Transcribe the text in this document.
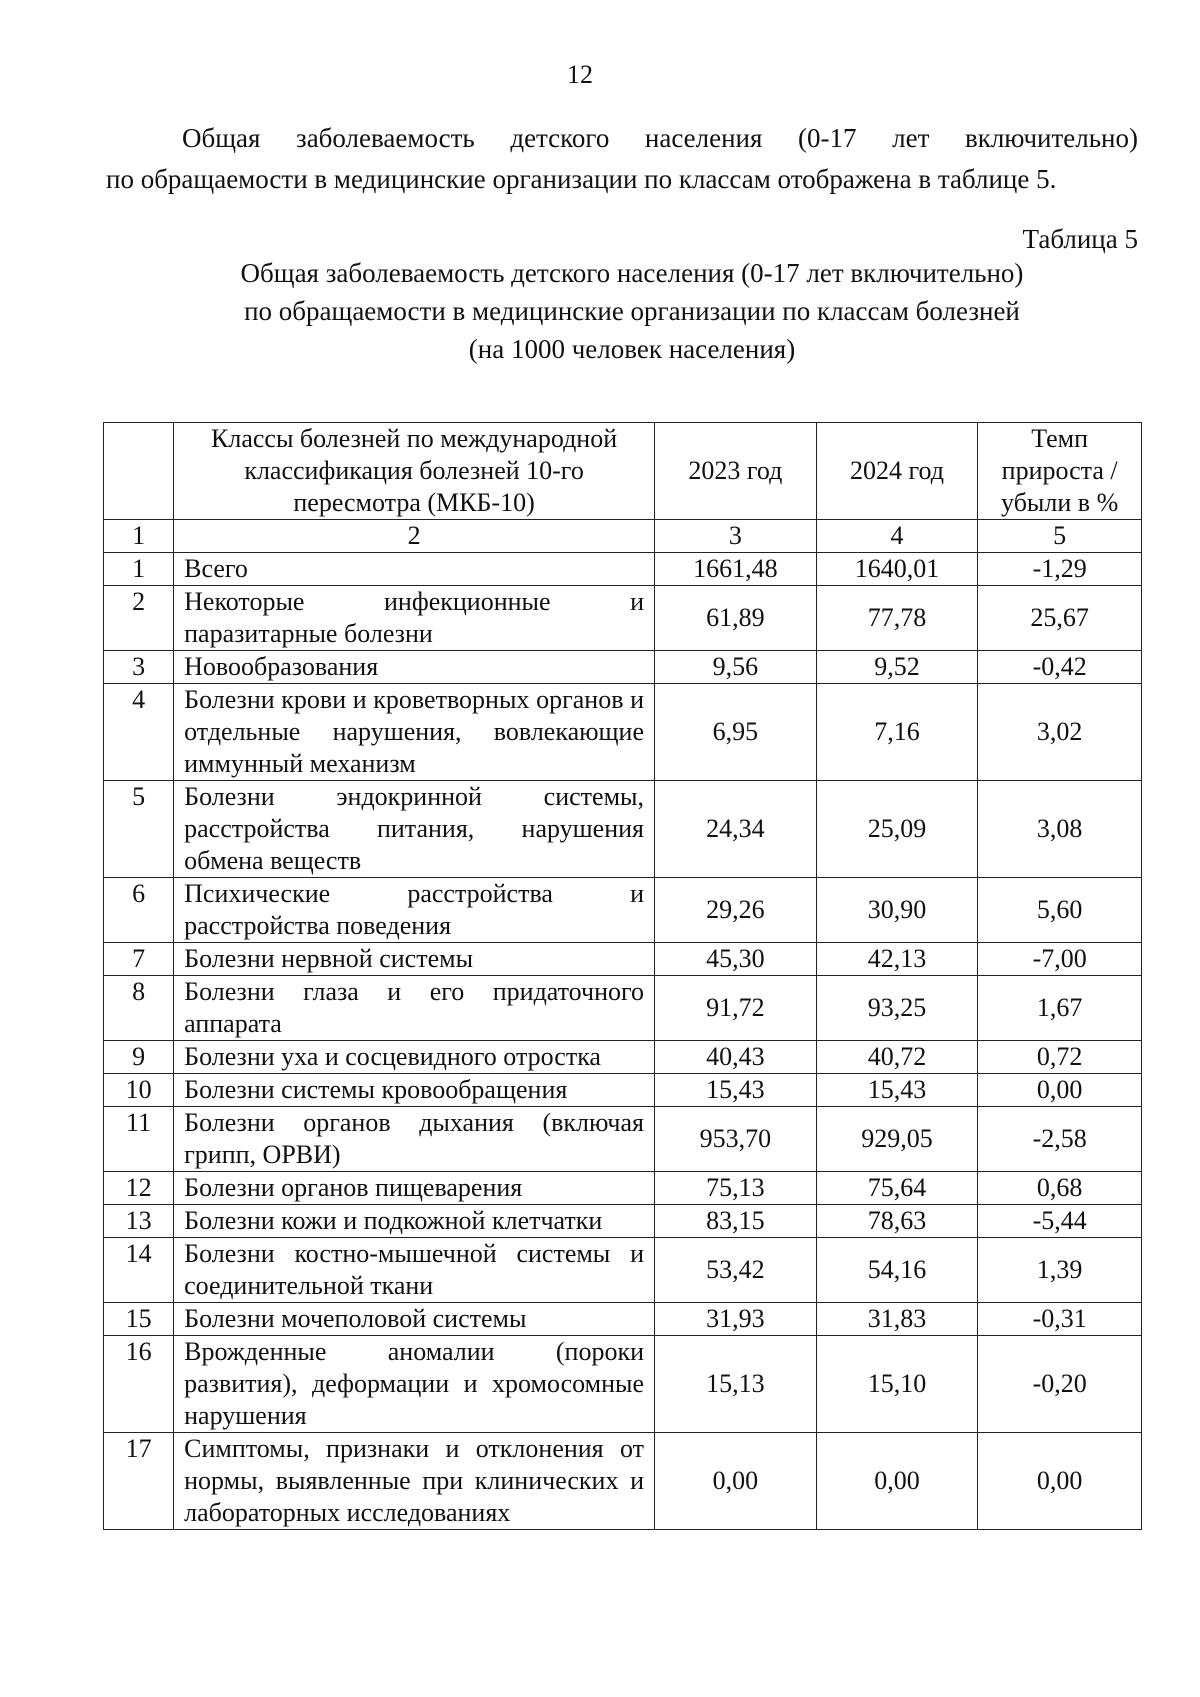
12
Общая заболеваемость детского населения (0-17 лет включительно)
по обращаемости в медицинские организации по классам отображена в таблице 5.
Таблица 5
Общая заболеваемость детского населения (0-17 лет включительно)
по обращаемости в медицинские организации по классам болезней
(на 1000 человек населения)
	Классы болезней по международной классификация болезней 10-го пересмотра (МКБ-10)	2023 год	2024 год	Темп прироста /убыли в %
1	2	3	4	5
1	Всего	1661,48	1640,01	-1,29
2	Некоторые инфекционные и паразитарные болезни	61,89	77,78	25,67
3	Новообразования	9,56	9,52	-0,42
4	Болезни крови и кроветворных органов и отдельные нарушения, вовлекающие иммунный механизм	6,95	7,16	3,02
5	Болезни эндокринной системы, расстройства питания, нарушения обмена веществ	24,34	25,09	3,08
6	Психические расстройства и расстройства поведения	29,26	30,90	5,60
7	Болезни нервной системы	45,30	42,13	-7,00
8	Болезни глаза и его придаточного аппарата	91,72	93,25	1,67
9	Болезни уха и сосцевидного отростка	40,43	40,72	0,72
10	Болезни системы кровообращения	15,43	15,43	0,00
11	Болезни органов дыхания (включая грипп, ОРВИ)	953,70	929,05	-2,58
12	Болезни органов пищеварения	75,13	75,64	0,68
13	Болезни кожи и подкожной клетчатки	83,15	78,63	-5,44
14	Болезни костно-мышечной системы и соединительной ткани	53,42	54,16	1,39
15	Болезни мочеполовой системы	31,93	31,83	-0,31
16	Врожденные аномалии (пороки развития), деформации и хромосомные нарушения	15,13	15,10	-0,20
17	Симптомы, признаки и отклонения от нормы, выявленные при клинических и лабораторных исследованиях	0,00	0,00	0,00
